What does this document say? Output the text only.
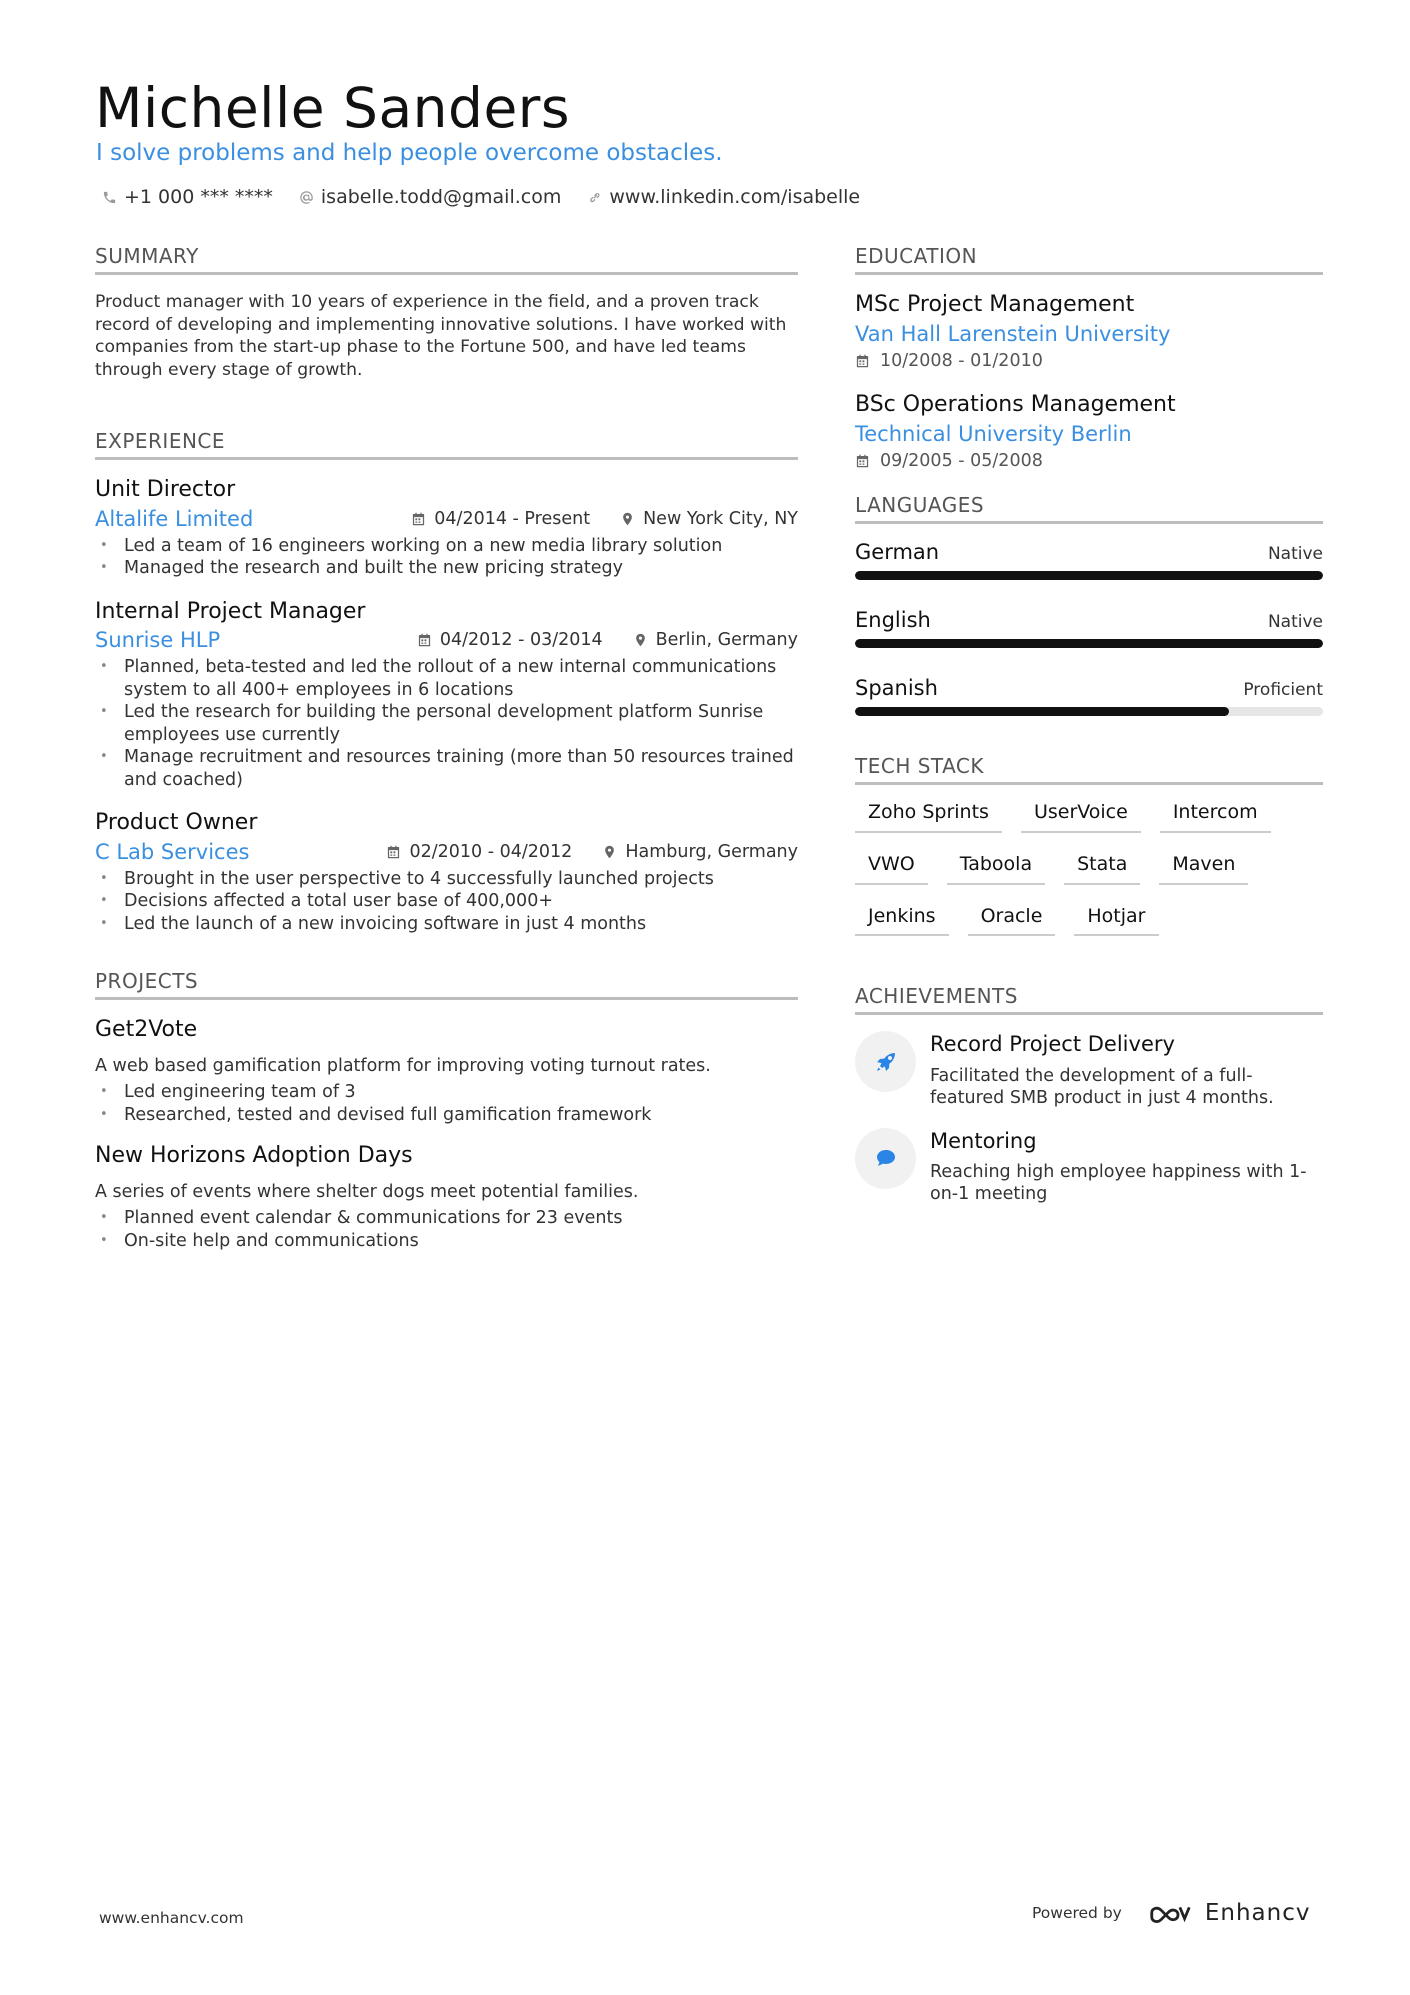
Michelle Sanders
I solve problems and help people overcome obstacles.
+1 000 *** ****	isabelle.todd@gmail.com	www.linkedin.com/isabelle
SUMMARY

Product manager with 10 years of experience in the field, and a proven track record of developing and implementing innovative solutions. I have worked with companies from the start-up phase to the Fortune 500, and have led teams through every stage of growth.

EXPERIENCE
Unit Director
Altalife Limited	04/2014 - Present	New York City, NY
• Led a team of 16 engineers working on a new media library solution
• Managed the research and built the new pricing strategy
Internal Project Manager
Sunrise HLP	04/2012 - 03/2014	Berlin, Germany
• Planned, beta-tested and led the rollout of a new internal communications system to all 400+ employees in 6 locations
• Led the research for building the personal development platform Sunrise employees use currently
• Manage recruitment and resources training (more than 50 resources trained and coached)
Product Owner
C Lab Services	02/2010 - 04/2012	Hamburg, Germany
• Brought in the user perspective to 4 successfully launched projects
• Decisions affected a total user base of 400,000+
• Led the launch of a new invoicing software in just 4 months
PROJECTS
Get2Vote

A web based gamification platform for improving voting turnout rates.

• Led engineering team of 3
• Researched, tested and devised full gamification framework
New Horizons Adoption Days

A series of events where shelter dogs meet potential families.

• Planned event calendar & communications for 23 events
• On-site help and communications
EDUCATION
MSc Project Management
Van Hall Larenstein University
10/2008 - 01/2010
BSc Operations Management
Technical University Berlin
09/2005 - 05/2008
LANGUAGES
German	Native
English	Native
Spanish	Proficient
TECH STACK
Zoho Sprints	UserVoice	Intercom
VWO	Taboola	Stata	Maven
Jenkins	Oracle	Hotjar
ACHIEVEMENTS
Record Project Delivery
Facilitated the development of a full-featured SMB product in just 4 months.
Mentoring
Reaching high employee happiness with 1-on-1 meeting
www.enhancv.com	Powered by	Enhancv
